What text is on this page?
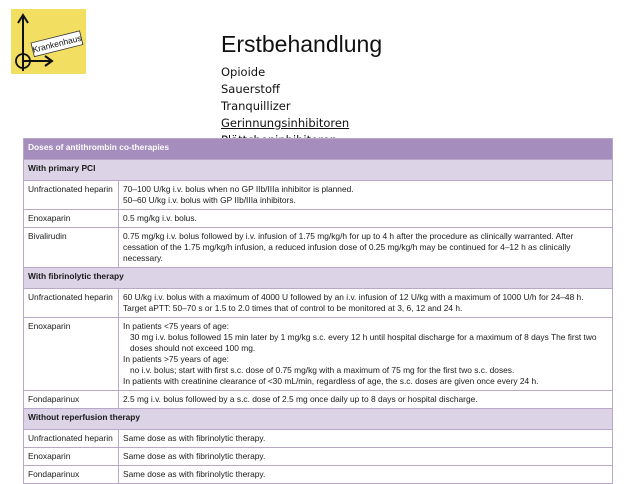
Krankenhaus	Erstbehandlung
Opioide
Sauerstoff
Tranquillizer
Gerinnungsinhibitoren
Doses of antithrombin co-therapies	
With primary PCI	
Unfractionated heparin	70–100 U/kg i.v. bolus when no GP IIb/IIIa inhibitor is planned.
50–60 U/kg i.v. bolus with GP IIb/IIIa inhibitors.

Enoxaparin	0.5 mg/kg i.v. bolus.

Bivalirudin	0.75 mg/kg i.v. bolus followed by i.v. infusion of 1.75 mg/kg/h for up to 4 h after the procedure as clinically warranted. After cessation of the 1.75 mg/kg/h infusion, a reduced infusion dose of 0.25 mg/kg/h may be continued for 4–12 h as clinically necessary.

With fibrinolytic therapy	
Unfractionated heparin	60 U/kg i.v. bolus with a maximum of 4000 U followed by an i.v. infusion of 12 U/kg with a maximum of 1000 U/h for 24–48 h. Target aPTT: 50–70 s or 1.5 to 2.0 times that of control to be monitored at 3, 6, 12 and 24 h.

Enoxaparin	In patients <75 years of age:
30 mg i.v. bolus followed 15 min later by 1 mg/kg s.c. every 12 h until hospital discharge for a maximum of 8 days The first two doses should not exceed 100 mg.
In patients >75 years of age:
no i.v. bolus; start with first s.c. dose of 0.75 mg/kg with a maximum of 75 mg for the first two s.c. doses.
In patients with creatinine clearance of <30 mL/min, regardless of age, the s.c. doses are given once every 24 h.

Fondaparinux	2.5 mg i.v. bolus followed by a s.c. dose of 2.5 mg once daily up to 8 days or hospital discharge.

Without reperfusion therapy	
Unfractionated heparin	Same dose as with fibrinolytic therapy.

Enoxaparin	Same dose as with fibrinolytic therapy.

Fondaparinux	Same dose as with fibrinolytic therapy.
